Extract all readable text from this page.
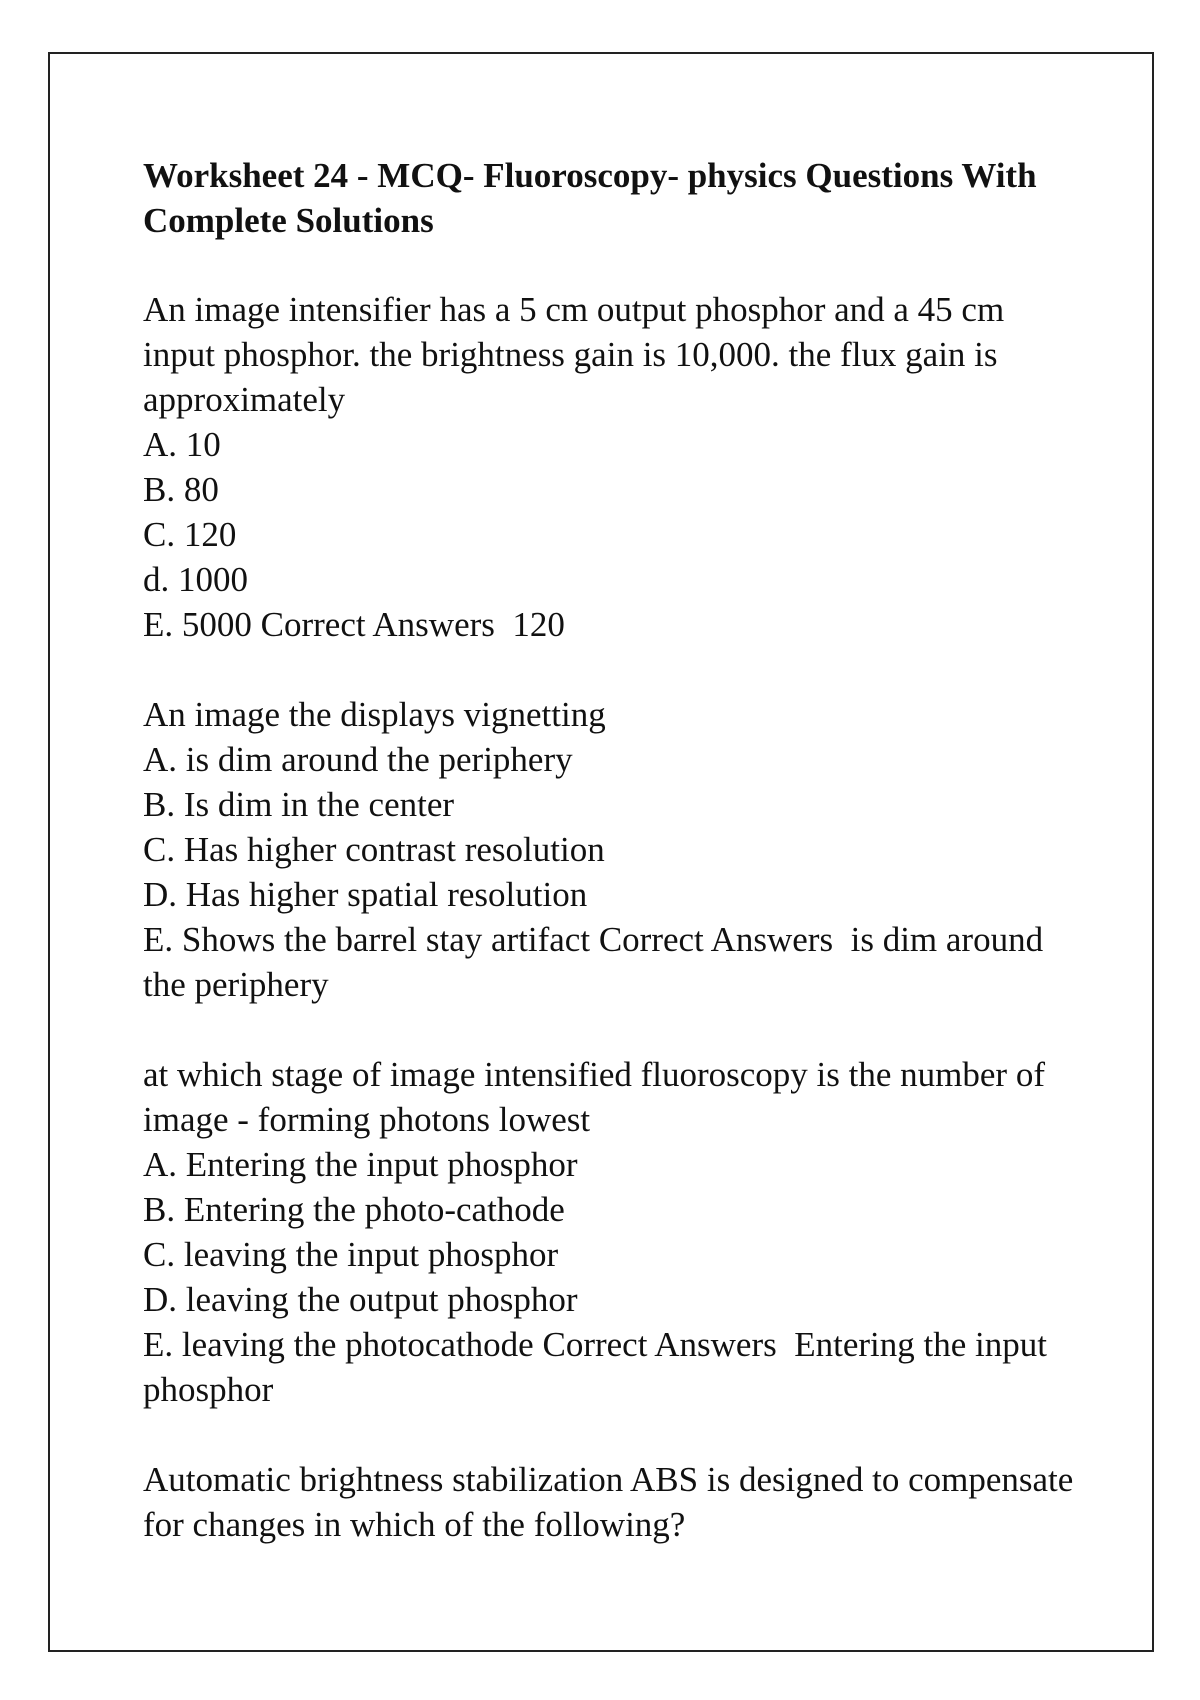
Worksheet 24 - MCQ- Fluoroscopy- physics Questions With Complete Solutions

An image intensifier has a 5 cm output phosphor and a 45 cm input phosphor. the brightness gain is 10,000. the flux gain is approximately

A. 10

B. 80

C. 120

d. 1000

E. 5000 Correct Answers 120

An image the displays vignetting

A. is dim around the periphery

B. Is dim in the center

C. Has higher contrast resolution

D. Has higher spatial resolution

E. Shows the barrel stay artifact Correct Answers is dim around the periphery

at which stage of image intensified fluoroscopy is the number of image - forming photons lowest

A. Entering the input phosphor

B. Entering the photo-cathode

C. leaving the input phosphor

D. leaving the output phosphor

E. leaving the photocathode Correct Answers Entering the input phosphor

Automatic brightness stabilization ABS is designed to compensate for changes in which of the following?
